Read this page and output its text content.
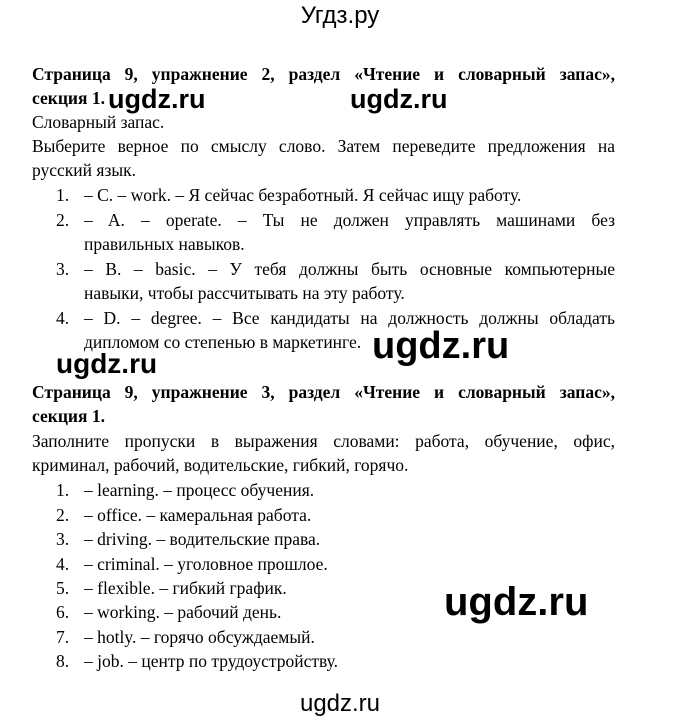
Угдз.ру
Страница 9, упражнение 2, раздел «Чтение и словарный запас»,
секция 1.
Словарный запас.
Выберите верное по смыслу слово. Затем переведите предложения на
русский язык.
1. – C. – work. – Я сейчас безработный. Я сейчас ищу работу.
2. – A. – operate. – Ты не должен управлять машинами без
правильных навыков.
3. – B. – basic. – У тебя должны быть основные компьютерные
навыки, чтобы рассчитывать на эту работу.
4. – D. – degree. – Все кандидаты на должность должны обладать
дипломом со степенью в маркетинге.
Страница 9, упражнение 3, раздел «Чтение и словарный запас»,
секция 1.
Заполните пропуски в выражения словами: работа, обучение, офис,
криминал, рабочий, водительские, гибкий, горячо.
1. – learning. – процесс обучения.
2. – office. – камеральная работа.
3. – driving. – водительские права.
4. – criminal. – уголовное прошлое.
5. – flexible. – гибкий график.
6. – working. – рабочий день.
7. – hotly. – горячо обсуждаемый.
8. – job. – центр по трудоустройству.
ugdz.ru	ugdz.ru
ugdz.ru
ugdz.ru
ugdz.ru
ugdz.ru
